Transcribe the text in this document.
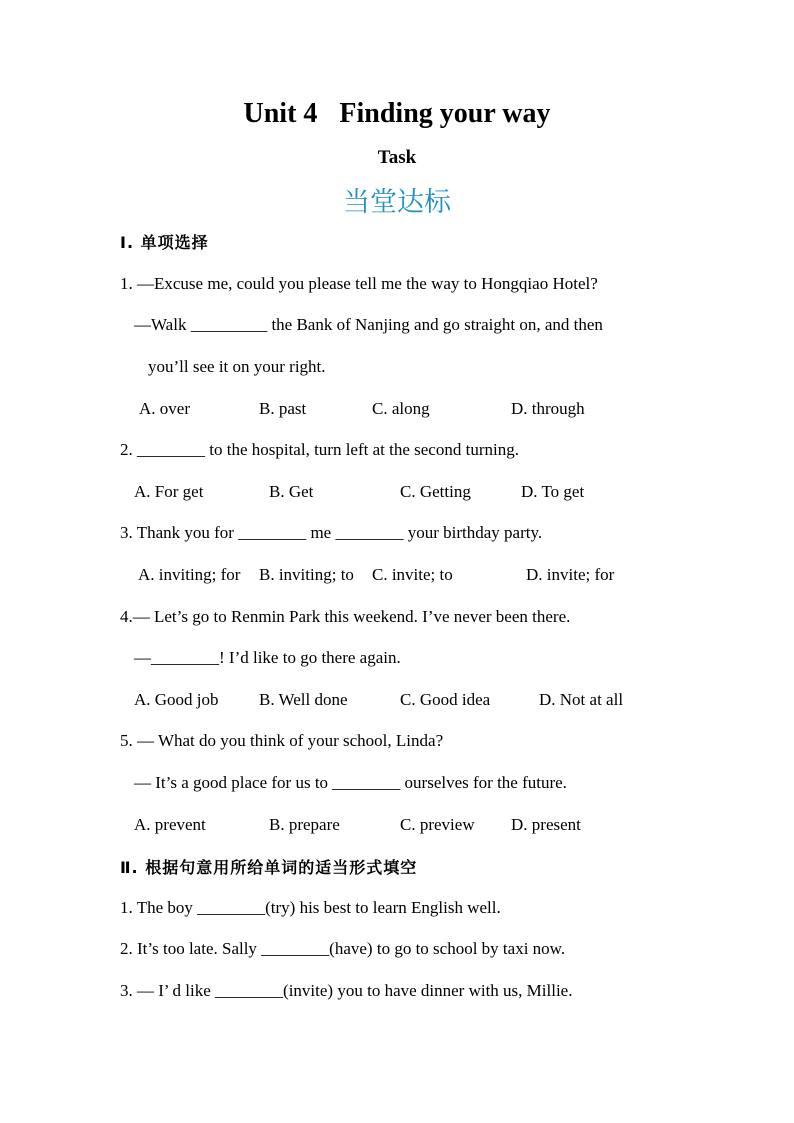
Unit 4 Finding your way
Task
当堂达标
Ⅰ. 单项选择
1. —Excuse me, could you please tell me the way to Hongqiao Hotel?
—Walk _________ the Bank of Nanjing and go straight on, and then
you’ll see it on your right.
A. over	B. past	C. along	D. through
2. ________ to the hospital, turn left at the second turning.
A. For get	B. Get	C. Getting	D. To get
3. Thank you for ________ me ________ your birthday party.
A. inviting; for B. inviting; to C. invite; to	D. invite; for
4.— Let’s go to Renmin Park this weekend. I’ve never been there.
—________! I’d like to go there again.
A. Good job B. Well done	C. Good idea	D. Not at all
5. — What do you think of your school, Linda?
— It’s a good place for us to ________ ourselves for the future.
A. prevent	B. prepare	C. preview D. present
Ⅱ. 根据句意用所给单词的适当形式填空
1. The boy ________(try) his best to learn English well.
2. It’s too late. Sally ________(have) to go to school by taxi now.
3. — I’ d like ________(invite) you to have dinner with us, Millie.
